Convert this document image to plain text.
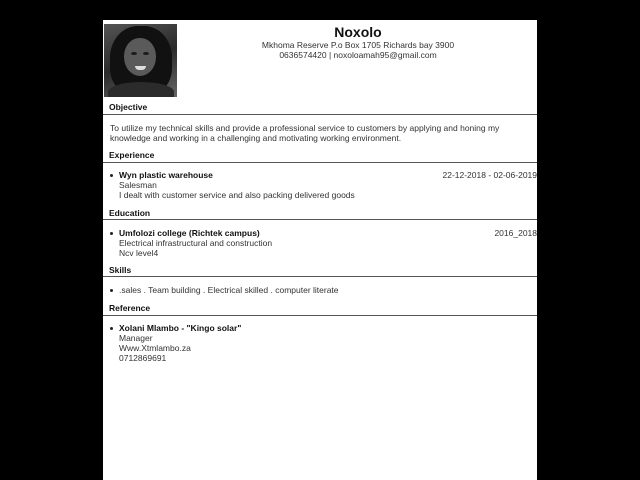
Noxolo
Mkhoma Reserve P.o Box 1705 Richards bay 3900
0636574420 | noxoloamah95@gmail.com
Objective
To utilize my technical skills and provide a professional service to customers by applying and honing my
knowledge and working in a challenging and motivating working environment.
Experience
Wyn plastic warehouse	22-12-2018 - 02-06-2019
Salesman
I dealt with customer service and also packing delivered goods
Education
Umfolozi college (Richtek campus)	2016_2018
Electrical infrastructural and construction
Ncv level4
Skills
.sales . Team building . Electrical skilled . computer literate
Reference
Xolani Mlambo - "Kingo solar"
Manager
Www.Xtmlambo.za
0712869691
